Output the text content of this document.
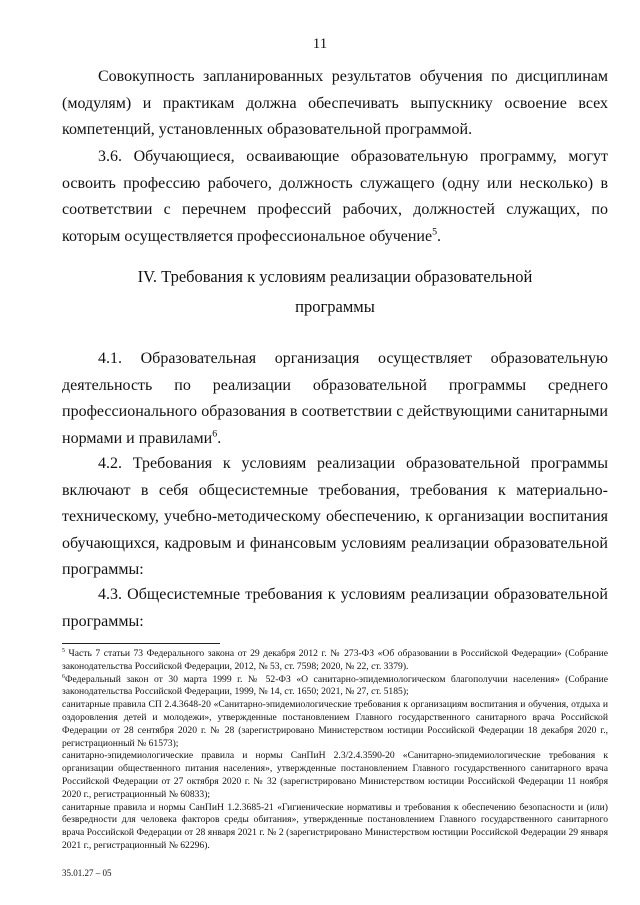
11
Совокупность запланированных результатов обучения по дисциплинам (модулям) и практикам должна обеспечивать выпускнику освоение всех компетенций, установленных образовательной программой.
3.6. Обучающиеся, осваивающие образовательную программу, могут освоить профессию рабочего, должность служащего (одну или несколько) в соответствии с перечнем профессий рабочих, должностей служащих, по которым осуществляется профессиональное обучение$^5$.
IV. Требования к условиям реализации образовательной
программы
4.1. Образовательная организация осуществляет образовательную деятельность по реализации образовательной программы среднего профессионального образования в соответствии с действующими санитарными нормами и правилами$^6$.
4.2. Требования к условиям реализации образовательной программы включают в себя общесистемные требования, требования к материально-техническому, учебно-методическому обеспечению, к организации воспитания обучающихся, кадровым и финансовым условиям реализации образовательной программы:
4.3. Общесистемные требования к условиям реализации образовательной программы:

$^5$ Часть 7 статьи 73 Федерального закона от 29 декабря 2012 г. № 273-ФЗ «Об образовании в Российской Федерации» (Собрание законодательства Российской Федерации, 2012, № 53, ст. 7598; 2020, № 22, ст. 3379).

$^6$Федеральный закон от 30 марта 1999 г. № 52-ФЗ «О санитарно-эпидемиологическом благополучии населения» (Собрание законодательства Российской Федерации, 1999, № 14, ст. 1650; 2021, № 27, ст. 5185);

санитарные правила СП 2.4.3648-20 «Санитарно-эпидемиологические требования к организациям воспитания и обучения, отдыха и оздоровления детей и молодежи», утвержденные постановлением Главного государственного санитарного врача Российской Федерации от 28 сентября 2020 г. № 28 (зарегистрировано Министерством юстиции Российской Федерации 18 декабря 2020 г., регистрационный № 61573);

санитарно-эпидемиологические правила и нормы СанПиН 2.3/2.4.3590-20 «Санитарно-эпидемиологические требования к организации общественного питания населения», утвержденные постановлением Главного государственного санитарного врача Российской Федерации от 27 октября 2020 г. № 32 (зарегистрировано Министерством юстиции Российской Федерации 11 ноября 2020 г., регистрационный № 60833);

санитарные правила и нормы СанПиН 1.2.3685-21 «Гигиенические нормативы и требования к обеспечению безопасности и (или) безвредности для человека факторов среды обитания», утвержденные постановлением Главного государственного санитарного врача Российской Федерации от 28 января 2021 г. № 2 (зарегистрировано Министерством юстиции Российской Федерации 29 января 2021 г., регистрационный № 62296).

35.01.27 – 05
